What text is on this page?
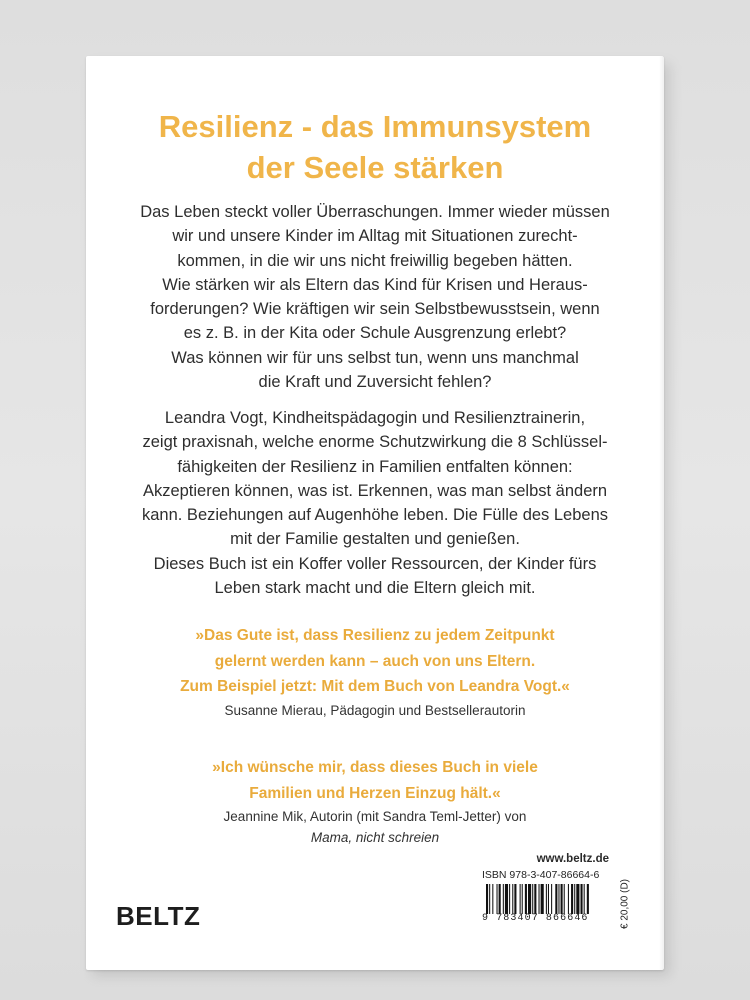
Resilienz - das Immunsystem
der Seele stärken
Das Leben steckt voller Überraschungen. Immer wieder müssen
wir und unsere Kinder im Alltag mit Situationen zurecht-
kommen, in die wir uns nicht freiwillig begeben hätten.
Wie stärken wir als Eltern das Kind für Krisen und Heraus-
forderungen? Wie kräftigen wir sein Selbstbewusstsein, wenn
es z. B. in der Kita oder Schule Ausgrenzung erlebt?
Was können wir für uns selbst tun, wenn uns manchmal
die Kraft und Zuversicht fehlen?
Leandra Vogt, Kindheitspädagogin und Resilienztrainerin,
zeigt praxisnah, welche enorme Schutzwirkung die 8 Schlüssel-
fähigkeiten der Resilienz in Familien entfalten können:
Akzeptieren können, was ist. Erkennen, was man selbst ändern
kann. Beziehungen auf Augenhöhe leben. Die Fülle des Lebens
mit der Familie gestalten und genießen.
Dieses Buch ist ein Koffer voller Ressourcen, der Kinder fürs
Leben stark macht und die Eltern gleich mit.
»Das Gute ist, dass Resilienz zu jedem Zeitpunkt
gelernt werden kann – auch von uns Eltern.
Zum Beispiel jetzt: Mit dem Buch von Leandra Vogt.«
Susanne Mierau, Pädagogin und Bestsellerautorin
»Ich wünsche mir, dass dieses Buch in viele
Familien und Herzen Einzug hält.«
Jeannine Mik, Autorin (mit Sandra Teml-Jetter) von
Mama, nicht schreien
www.beltz.de
ISBN 978-3-407-86664-6
9 783407 866646	€ 20,00 (D)
BELTZ
